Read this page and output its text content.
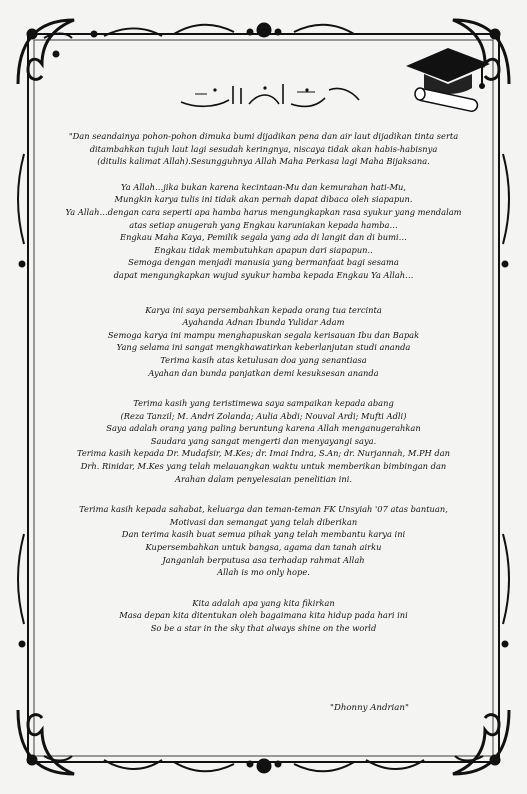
"Dan seandainya pohon-pohon dimuka bumi dijadikan pena dan air laut dijadikan tinta serta

ditambahkan tujuh laut lagi sesudah keringnya, niscaya tidak akan habis-habisnya

(ditulis kalimat Allah).Sesungguhnya Allah Maha Perkasa lagi Maha Bijaksana.

Ya Allah…jika bukan karena kecintaan-Mu dan kemurahan hati-Mu,

Mungkin karya tulis ini tidak akan pernah dapat dibaca oleh siapapun.

Ya Allah…dengan cara seperti apa hamba harus mengungkapkan rasa syukur yang mendalam

atas setiap anugerah yang Engkau karuniakan kepada hamba…

Engkau Maha Kaya, Pemilik segala yang ada di langit dan di bumi…

Engkau tidak membutuhkan apapun dari siapapun..

Semoga dengan menjadi manusia yang bermanfaat bagi sesama

dapat mengungkapkan wujud syukur hamba kepada Engkau Ya Allah…

Karya ini saya persembahkan kepada orang tua tercinta

Ayahanda Adnan Ibunda Yulidar Adam

Semoga karya ini mampu menghapuskan segala kerisauan Ibu dan Bapak

Yang selama ini sangat mengkhawatirkan keberlanjutan studi ananda

Terima kasih atas ketulusan doa yang senantiasa

Ayahan dan bunda panjatkan demi kesuksesan ananda

Terima kasih yang teristimewa saya sampaikan kepada abang

(Reza Tanzil; M. Andri Zolanda; Aulia Abdi; Nouval Ardi; Mufti Adli)

Saya adalah orang yang paling beruntung karena Allah menganugerahkan

Saudara yang sangat mengerti dan menyayangi saya.

Terima kasih kepada Dr. Mudafsir, M.Kes; dr. Imai Indra, S.An; dr. Nurjannah, M.PH dan

Drh. Rinidar, M.Kes yang telah melauangkan waktu untuk memberikan bimbingan dan

Arahan dalam penyelesaian penelitian ini.

Terima kasih kepada sahabat, keluarga dan teman-teman FK Unsyiah '07 atas bantuan,

Motivasi dan semangat yang telah diberikan

Dan terima kasih buat semua pihak yang telah membantu karya ini

Kupersembahkan untuk bangsa, agama dan tanah airku

Janganlah berputusa asa terhadap rahmat Allah

Allah is mo only hope.

Kita adalah apa yang kita fikirkan

Masa depan kita ditentukan oleh bagaimana kita hidup pada hari ini

So be a star in the sky that always shine on the world

"Dhonny Andrian"
